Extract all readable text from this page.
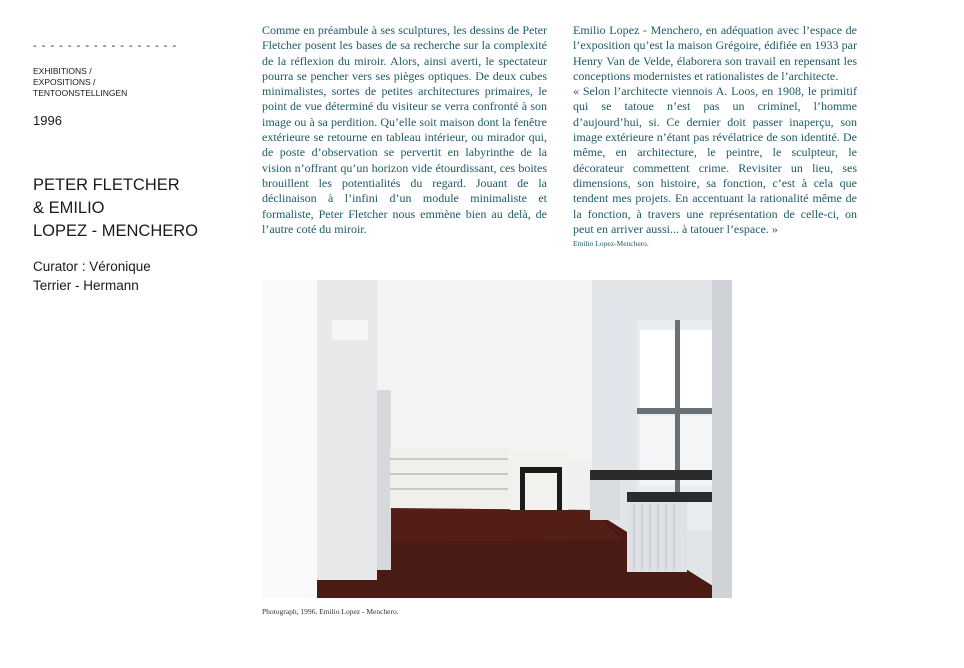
- - - - - - - - - - - - - - - - -
EXHIBITIONS /
EXPOSITIONS /
TENTOONSTELLINGEN
1996
PETER FLETCHER
& EMILIO
LOPEZ - MENCHERO
Curator : Véronique
Terrier - Hermann

Comme en préambule à ses sculptures, les dessins de Peter Fletcher posent les bases de sa recherche sur la complexité de la réflexion du miroir. Alors, ainsi averti, le spectateur pourra se pencher vers ses pièges optiques. De deux cubes minimalistes, sortes de petites architectures primaires, le point de vue déterminé du visiteur se verra confronté à son image ou à sa perdition. Qu’elle soit maison dont la fenêtre extérieure se retourne en tableau intérieur, ou mirador qui, de poste d’observation se pervertit en labyrinthe de la vision n’offrant qu’un horizon vide étourdissant, ces boites brouillent les potentialités du regard. Jouant de la déclinaison à l’infini d’un module minimaliste et formaliste, Peter Fletcher nous emmène bien au delà, de l’autre coté du miroir.

Emilio Lopez - Menchero, en adéquation avec l’espace de l’exposition qu’est la maison Grégoire, édifiée en 1933 par Henry Van de Velde, élaborera son travail en repensant les conceptions modernistes et rationalistes de l’architecte.

« Selon l’architecte viennois A. Loos, en 1908, le primitif qui se tatoue n’est pas un criminel, l’homme d’aujourd’hui, si. Ce dernier doit passer inaperçu, son image extérieure n’étant pas révélatrice de son identité. De même, en architecture, le peintre, le sculpteur, le décorateur commettent crime. Revisiter un lieu, ses dimensions, son histoire, sa fonction, c’est à cela que tendent mes projets. En accentuant la rationalité même de la fonction, à travers une représentation de celle-ci, on peut en arriver aussi... à tatouer l’espace. »

Emilio Lopez-Menchero.
Photograph, 1996, Emilio Lopez - Menchero.
